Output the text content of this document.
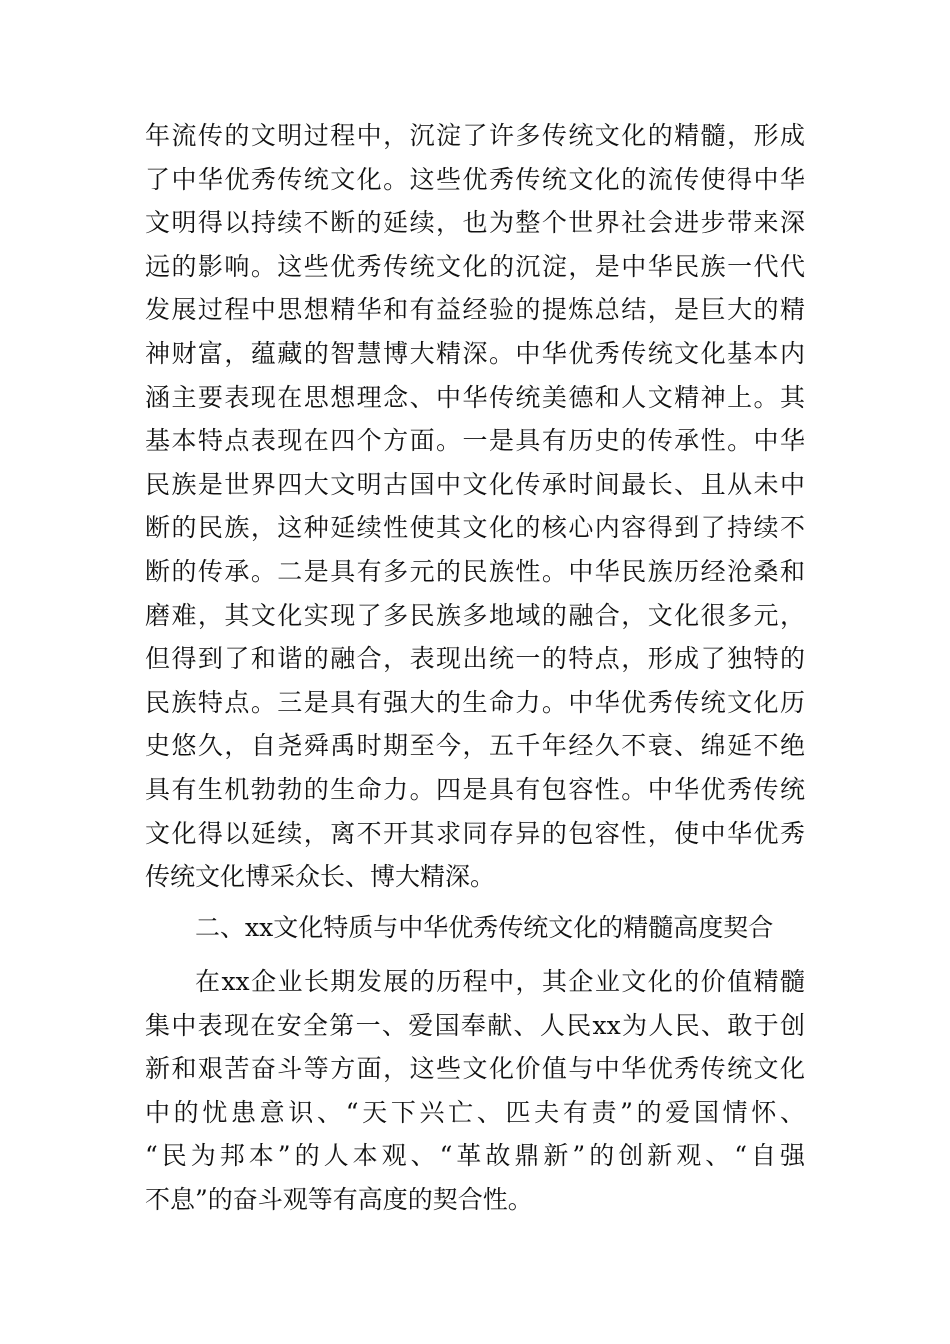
年流传的文明过程中，沉淀了许多传统文化的精髓，形成
了中华优秀传统文化。这些优秀传统文化的流传使得中华
文明得以持续不断的延续，也为整个世界社会进步带来深
远的影响。这些优秀传统文化的沉淀，是中华民族一代代
发展过程中思想精华和有益经验的提炼总结，是巨大的精
神财富，蕴藏的智慧博大精深。中华优秀传统文化基本内
涵主要表现在思想理念、中华传统美德和人文精神上。其
基本特点表现在四个方面。一是具有历史的传承性。中华
民族是世界四大文明古国中文化传承时间最长、且从未中
断的民族，这种延续性使其文化的核心内容得到了持续不
断的传承。二是具有多元的民族性。中华民族历经沧桑和
磨难，其文化实现了多民族多地域的融合，文化很多元，
但得到了和谐的融合，表现出统一的特点，形成了独特的
民族特点。三是具有强大的生命力。中华优秀传统文化历
史悠久，自尧舜禹时期至今，五千年经久不衰、绵延不绝
具有生机勃勃的生命力。四是具有包容性。中华优秀传统
文化得以延续，离不开其求同存异的包容性，使中华优秀
传统文化博采众长、博大精深。
二、xx文化特质与中华优秀传统文化的精髓高度契合
在xx企业长期发展的历程中，其企业文化的价值精髓
集中表现在安全第一、爱国奉献、人民xx为人民、敢于创
新和艰苦奋斗等方面，这些文化价值与中华优秀传统文化
中的忧患意识、“天下兴亡、匹夫有责”的爱国情怀、
“民为邦本”的人本观、“革故鼎新”的创新观、“自强
不息”的奋斗观等有高度的契合性。
